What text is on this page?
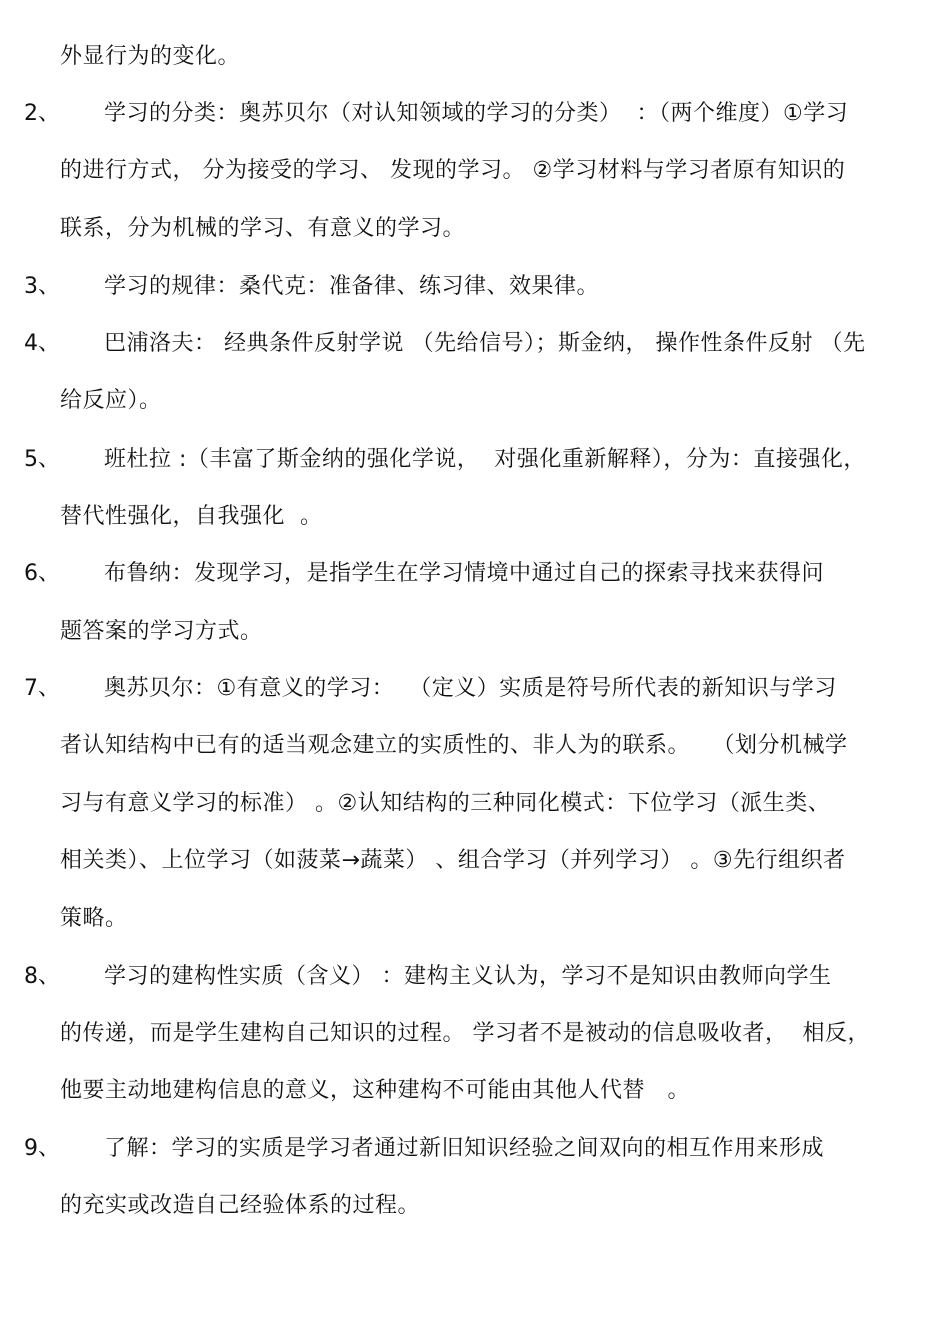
外显行为的变化。
2、 学习的分类：奥苏贝尔（对认知领域的学习的分类）  ：（两个维度）①学习
的进行方式， 分为接受的学习、 发现的学习。 ②学习材料与学习者原有知识的
联系，分为机械的学习、有意义的学习。
3、 学习的规律：桑代克：准备律、练习律、效果律。
4、 巴浦洛夫： 经典条件反射学说 （先给信号）；斯金纳， 操作性条件反射 （先
给反应）。
5、 班杜拉 :（丰富了斯金纳的强化学说，  对强化重新解释），分为：直接强化，
替代性强化，自我强化  。
6、 布鲁纳：发现学习，是指学生在学习情境中通过自己的探索寻找来获得问
题答案的学习方式。
7、 奥苏贝尔：①有意义的学习：  （定义）实质是符号所代表的新知识与学习
者认知结构中已有的适当观念建立的实质性的、非人为的联系。   （划分机械学
习与有意义学习的标准） 。②认知结构的三种同化模式：下位学习（派生类、
相关类）、上位学习（如菠菜→蔬菜） 、组合学习（并列学习） 。③先行组织者
策略。
8、 学习的建构性实质（含义） ：建构主义认为，学习不是知识由教师向学生
的传递，而是学生建构自己知识的过程。 学习者不是被动的信息吸收者，  相反，
他要主动地建构信息的意义，这种建构不可能由其他人代替   。
9、 了解：学习的实质是学习者通过新旧知识经验之间双向的相互作用来形成
的充实或改造自己经验体系的过程。
